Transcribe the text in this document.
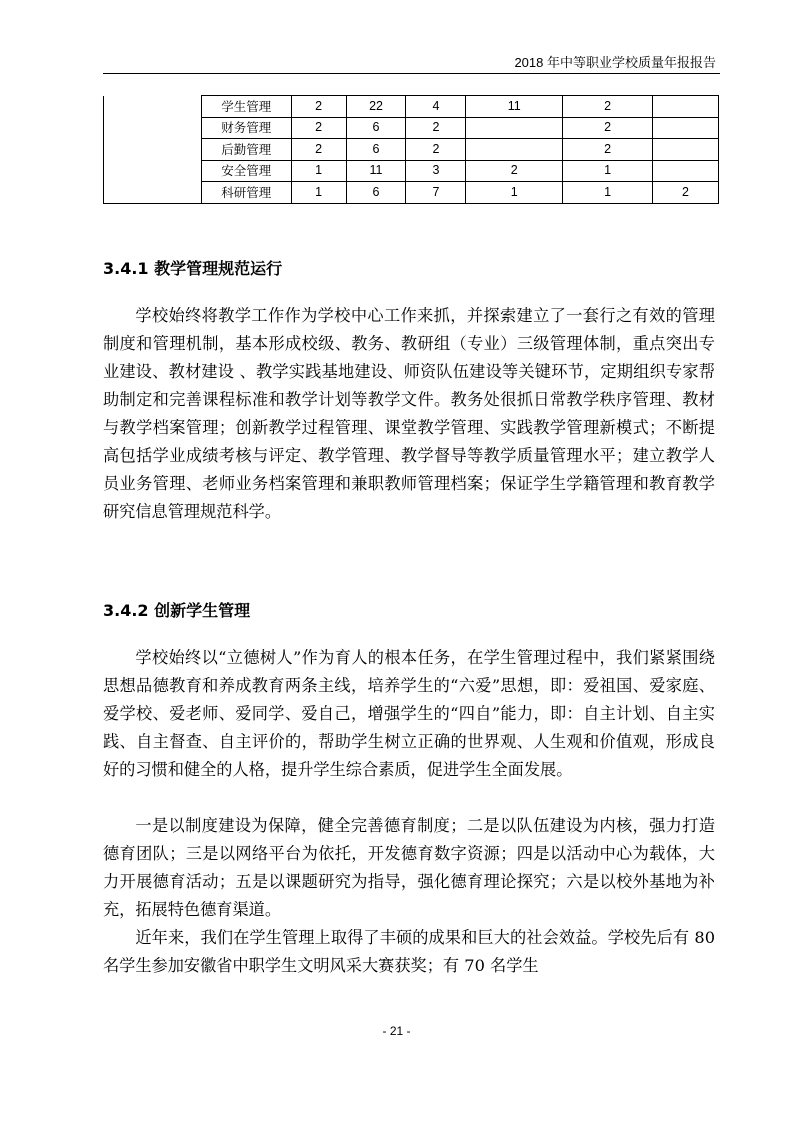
2018 年中等职业学校质量年报报告
	学生管理	2	22	4	11	2	
	财务管理	2	6	2		2	
	后勤管理	2	6	2		2	
	安全管理	1	11	3	2	1	
	科研管理	1	6	7	1	1	2
3.4.1 教学管理规范运行
学校始终将教学工作作为学校中心工作来抓，并探索建立了一套行之有效的管理制度和管理机制，基本形成校级、教务、教研组（专业）三级管理体制，重点突出专业建设、教材建设 、教学实践基地建设、师资队伍建设等关键环节，定期组织专家帮助制定和完善课程标准和教学计划等教学文件。教务处很抓日常教学秩序管理、教材与教学档案管理；创新教学过程管理、课堂教学管理、实践教学管理新模式；不断提高包括学业成绩考核与评定、教学管理、教学督导等教学质量管理水平；建立教学人员业务管理、老师业务档案管理和兼职教师管理档案；保证学生学籍管理和教育教学研究信息管理规范科学。
3.4.2 创新学生管理
学校始终以“立德树人”作为育人的根本任务，在学生管理过程中，我们紧紧围绕思想品德教育和养成教育两条主线，培养学生的“六爱”思想，即：爱祖国、爱家庭、爱学校、爱老师、爱同学、爱自己，增强学生的“四自”能力，即：自主计划、自主实践、自主督查、自主评价的，帮助学生树立正确的世界观、人生观和价值观，形成良好的习惯和健全的人格，提升学生综合素质，促进学生全面发展。
一是以制度建设为保障，健全完善德育制度；二是以队伍建设为内核，强力打造德育团队；三是以网络平台为依托，开发德育数字资源；四是以活动中心为载体，大力开展德育活动；五是以课题研究为指导，强化德育理论探究；六是以校外基地为补充，拓展特色德育渠道。
近年来，我们在学生管理上取得了丰硕的成果和巨大的社会效益。学校先后有 80 名学生参加安徽省中职学生文明风采大赛获奖；有 70 名学生
- 21 -
